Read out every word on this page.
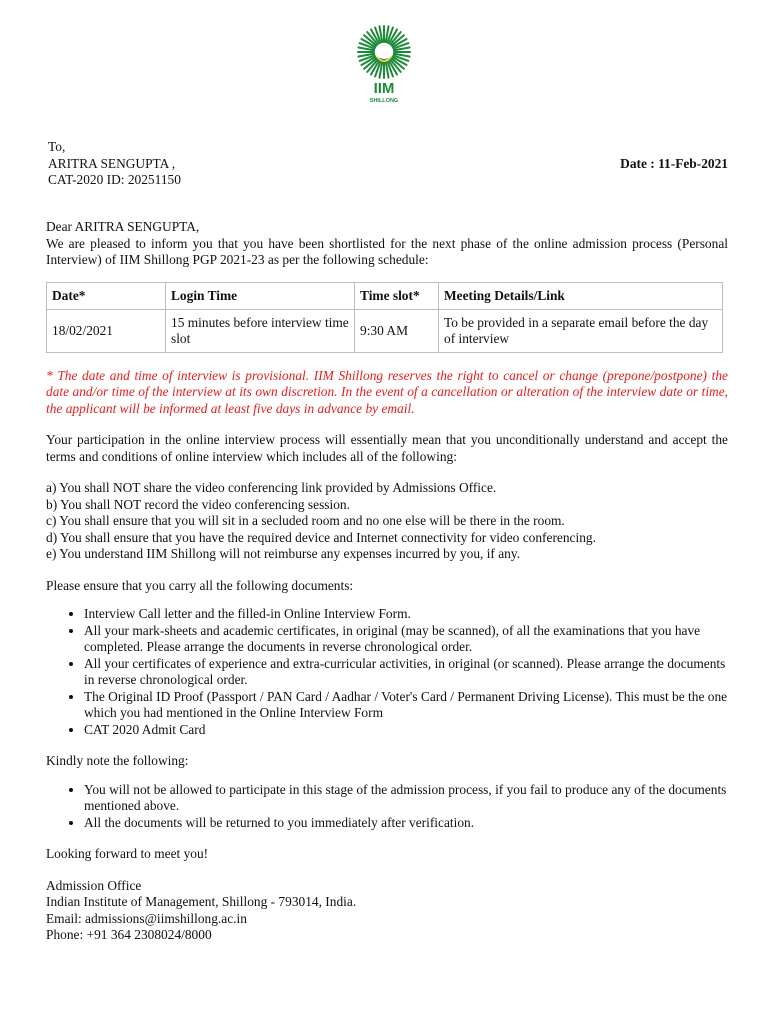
IIM
SHILLONG

To,

ARITRA SENGUPTA ,

CAT-2020 ID: 20251150

Date : 11-Feb-2021

Dear ARITRA SENGUPTA,

We are pleased to inform you that you have been shortlisted for the next phase of the online admission process (Personal Interview) of IIM Shillong PGP 2021-23 as per the following schedule:

Date*	Login Time	Time slot*	Meeting Details/Link
18/02/2021	15 minutes before interview time slot	9:30 AM	To be provided in a separate email before the day of interview

* The date and time of interview is provisional. IIM Shillong reserves the right to cancel or change (prepone/postpone) the date and/or time of the interview at its own discretion. In the event of a cancellation or alteration of the interview date or time, the applicant will be informed at least five days in advance by email.

Your participation in the online interview process will essentially mean that you unconditionally understand and accept the terms and conditions of online interview which includes all of the following:

a) You shall NOT share the video conferencing link provided by Admissions Office.

b) You shall NOT record the video conferencing session.

c) You shall ensure that you will sit in a secluded room and no one else will be there in the room.

d) You shall ensure that you have the required device and Internet connectivity for video conferencing.

e) You understand IIM Shillong will not reimburse any expenses incurred by you, if any.

Please ensure that you carry all the following documents:

• Interview Call letter and the filled-in Online Interview Form.
• All your mark-sheets and academic certificates, in original (may be scanned), of all the examinations that you have completed. Please arrange the documents in reverse chronological order.
• All your certificates of experience and extra-curricular activities, in original (or scanned). Please arrange the documents in reverse chronological order.
• The Original ID Proof (Passport / PAN Card / Aadhar / Voter's Card / Permanent Driving License). This must be the one which you had mentioned in the Online Interview Form
• CAT 2020 Admit Card

Kindly note the following:

• You will not be allowed to participate in this stage of the admission process, if you fail to produce any of the documents mentioned above.
• All the documents will be returned to you immediately after verification.

Looking forward to meet you!

Admission Office

Indian Institute of Management, Shillong - 793014, India.

Email: admissions@iimshillong.ac.in

Phone: +91 364 2308024/8000
